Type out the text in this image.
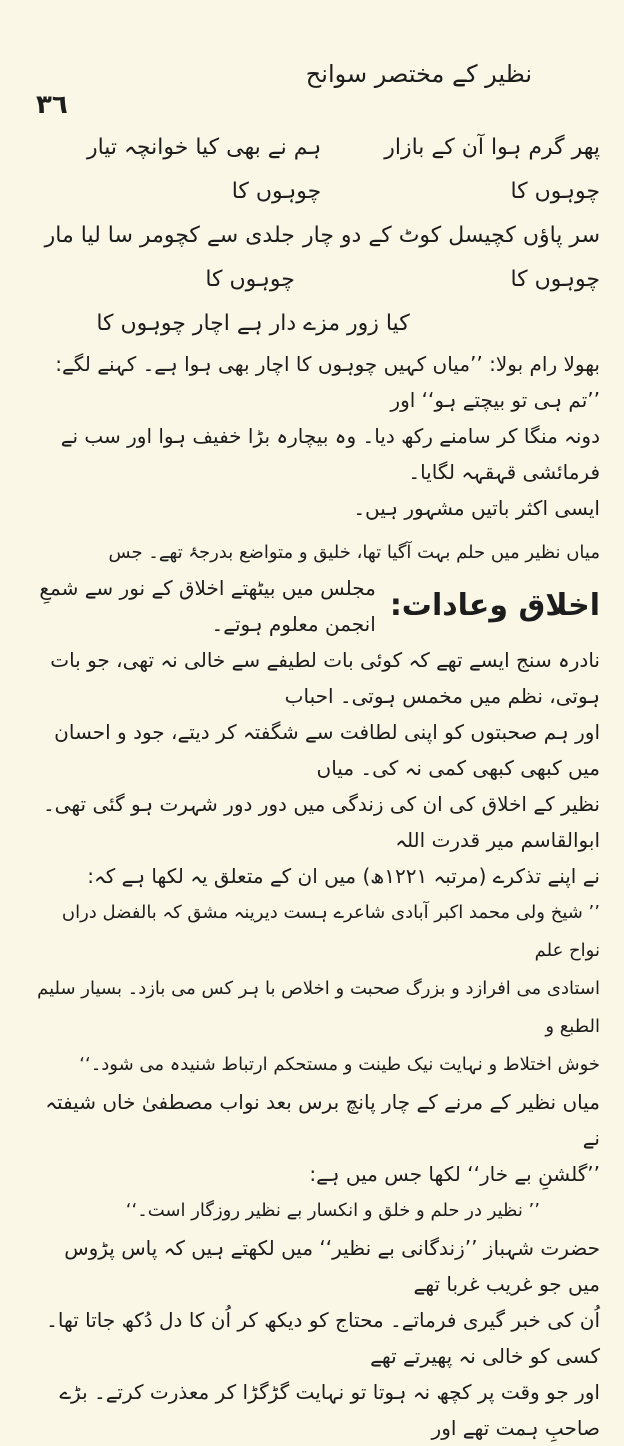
نظیر کے مختصر سوانح
۳٦
پھر گرم ہوا آن کے بازار چوہوں کا
ہم نے بھی کیا خوانچہ تیار چوہوں کا
سر پاؤں کچیسل کوٹ کے دو چار چوہوں کا
جلدی سے کچومر سا لیا مار چوہوں کا
کیا زور مزے دار ہے اچار چوہوں کا

بھولا رام بولا: ’’میاں کہیں چوہوں کا اچار بھی ہوا ہے۔ کہنے لگے: ’’تم ہی تو بیچتے ہو‘‘ اور

دونہ منگا کر سامنے رکھ دیا۔ وہ بیچارہ بڑا خفیف ہوا اور سب نے فرمائشی قہقہہ لگایا۔

ایسی اکثر باتیں مشہور ہیں۔

میاں نظیر میں حلم بہت آگیا تھا، خلیق و متواضع بدرجۂ تھے۔ جس

اخلاق وعادات:
مجلس میں بیٹھتے اخلاق کے نور سے شمعِ انجمن معلوم ہوتے۔

نادرہ سنج ایسے تھے کہ کوئی بات لطیفے سے خالی نہ تھی، جو بات ہوتی، نظم میں مخمس ہوتی۔ احباب

اور ہم صحبتوں کو اپنی لطافت سے شگفتہ کر دیتے، جود و احسان میں کبھی کبھی کمی نہ کی۔ میاں

نظیر کے اخلاق کی ان کی زندگی میں دور دور شہرت ہو گئی تھی۔ ابوالقاسم میر قدرت اللہ

نے اپنے تذکرے (مرتبہ ۱۲۲۱ھ) میں ان کے متعلق یہ لکھا ہے کہ:

’’ شیخ ولی محمد اکبر آبادی شاعرے ہست دیرینہ مشق کہ بالفضل دراں نواح علم

استادی می افرازد و بزرگ صحبت و اخلاص با ہر کس می بازد۔ بسیار سلیم الطبع و

خوش اختلاط و نہایت نیک طینت و مستحکم ارتباط شنیدہ می شود۔‘‘

میاں نظیر کے مرنے کے چار پانچ برس بعد نواب مصطفیٰ خاں شیفتہ نے

’’گلشنِ بے خار‘‘ لکھا جس میں ہے:

’’ نظیر در حلم و خلق و انکسار بے نظیر روزگار است۔‘‘

حضرت شہباز ’’زندگانی بے نظیر‘‘ میں لکھتے ہیں کہ پاس پڑوس میں جو غریب غربا تھے

اُن کی خبر گیری فرماتے۔ محتاج کو دیکھ کر اُن کا دل دُکھ جاتا تھا۔ کسی کو خالی نہ پھیرتے تھے

اور جو وقت پر کچھ نہ ہوتا تو نہایت گڑگڑا کر معذرت کرتے۔ بڑے صاحبِ ہمت تھے اور
